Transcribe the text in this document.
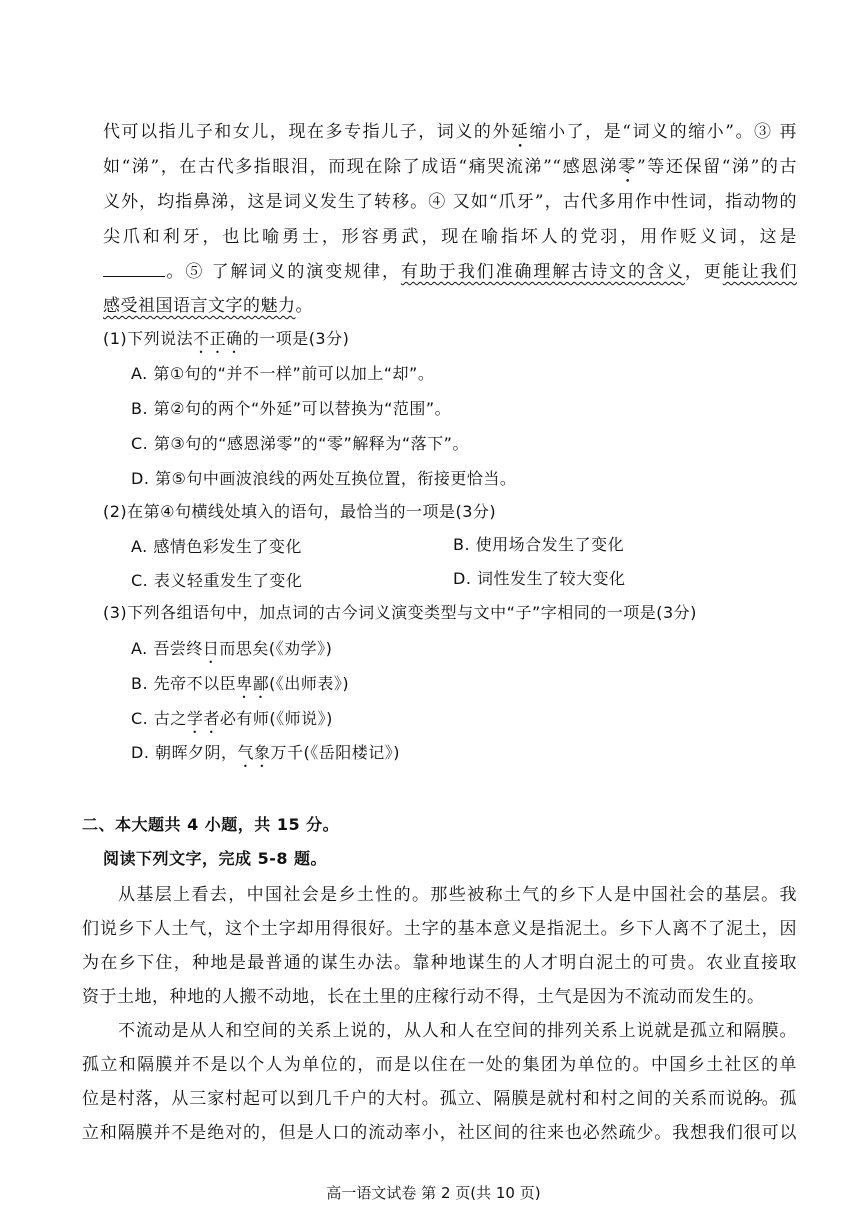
代可以指儿子和女儿，现在多专指儿子，词义的外延缩小了，是“词义的缩小”。③ 再
如“涕”，在古代多指眼泪，而现在除了成语“痛哭流涕”“感恩涕零”等还保留“涕”的古
义外，均指鼻涕，这是词义发生了转移。④ 又如“爪牙”，古代多用作中性词，指动物的
尖爪和利牙，也比喻勇士，形容勇武，现在喻指坏人的党羽，用作贬义词，这是
。⑤ 了解词义的演变规律，有助于我们准确理解古诗文的含义，更能让我们
感受祖国语言文字的魅力。
(1)下列说法不正确的一项是(3分)
A. 第①句的“并不一样”前可以加上“却”。
B. 第②句的两个“外延”可以替换为“范围”。
C. 第③句的“感恩涕零”的“零”解释为“落下”。
D. 第⑤句中画波浪线的两处互换位置，衔接更恰当。
(2)在第④句横线处填入的语句，最恰当的一项是(3分)
A. 感情色彩发生了变化	B. 使用场合发生了变化
C. 表义轻重发生了变化	D. 词性发生了较大变化
(3)下列各组语句中，加点词的古今词义演变类型与文中“子”字相同的一项是(3分)
A. 吾尝终日而思矣(《劝学》)
B. 先帝不以臣卑鄙(《出师表》)
C. 古之学者必有师(《师说》)
D. 朝晖夕阴，气象万千(《岳阳楼记》)
二、本大题共 4 小题，共 15 分。
阅读下列文字，完成 5-8 题。
从基层上看去，中国社会是乡土性的。那些被称土气的乡下人是中国社会的基层。我
们说乡下人土气，这个土字却用得很好。土字的基本意义是指泥土。乡下人离不了泥土，因
为在乡下住，种地是最普通的谋生办法。靠种地谋生的人才明白泥土的可贵。农业直接取
资于土地，种地的人搬不动地，长在土里的庄稼行动不得，土气是因为不流动而发生的。
不流动是从人和空间的关系上说的，从人和人在空间的排列关系上说就是孤立和隔膜。
孤立和隔膜并不是以个人为单位的，而是以住在一处的集团为单位的。中国乡土社区的单
位是村落，从三家村起可以到几千户的大村。孤立、隔膜是就村和村之间的关系而说的。孤
立和隔膜并不是绝对的，但是人口的流动率小，社区间的往来也必然疏少。我想我们很可以
高一语文试卷 第 2 页(共 10 页)
